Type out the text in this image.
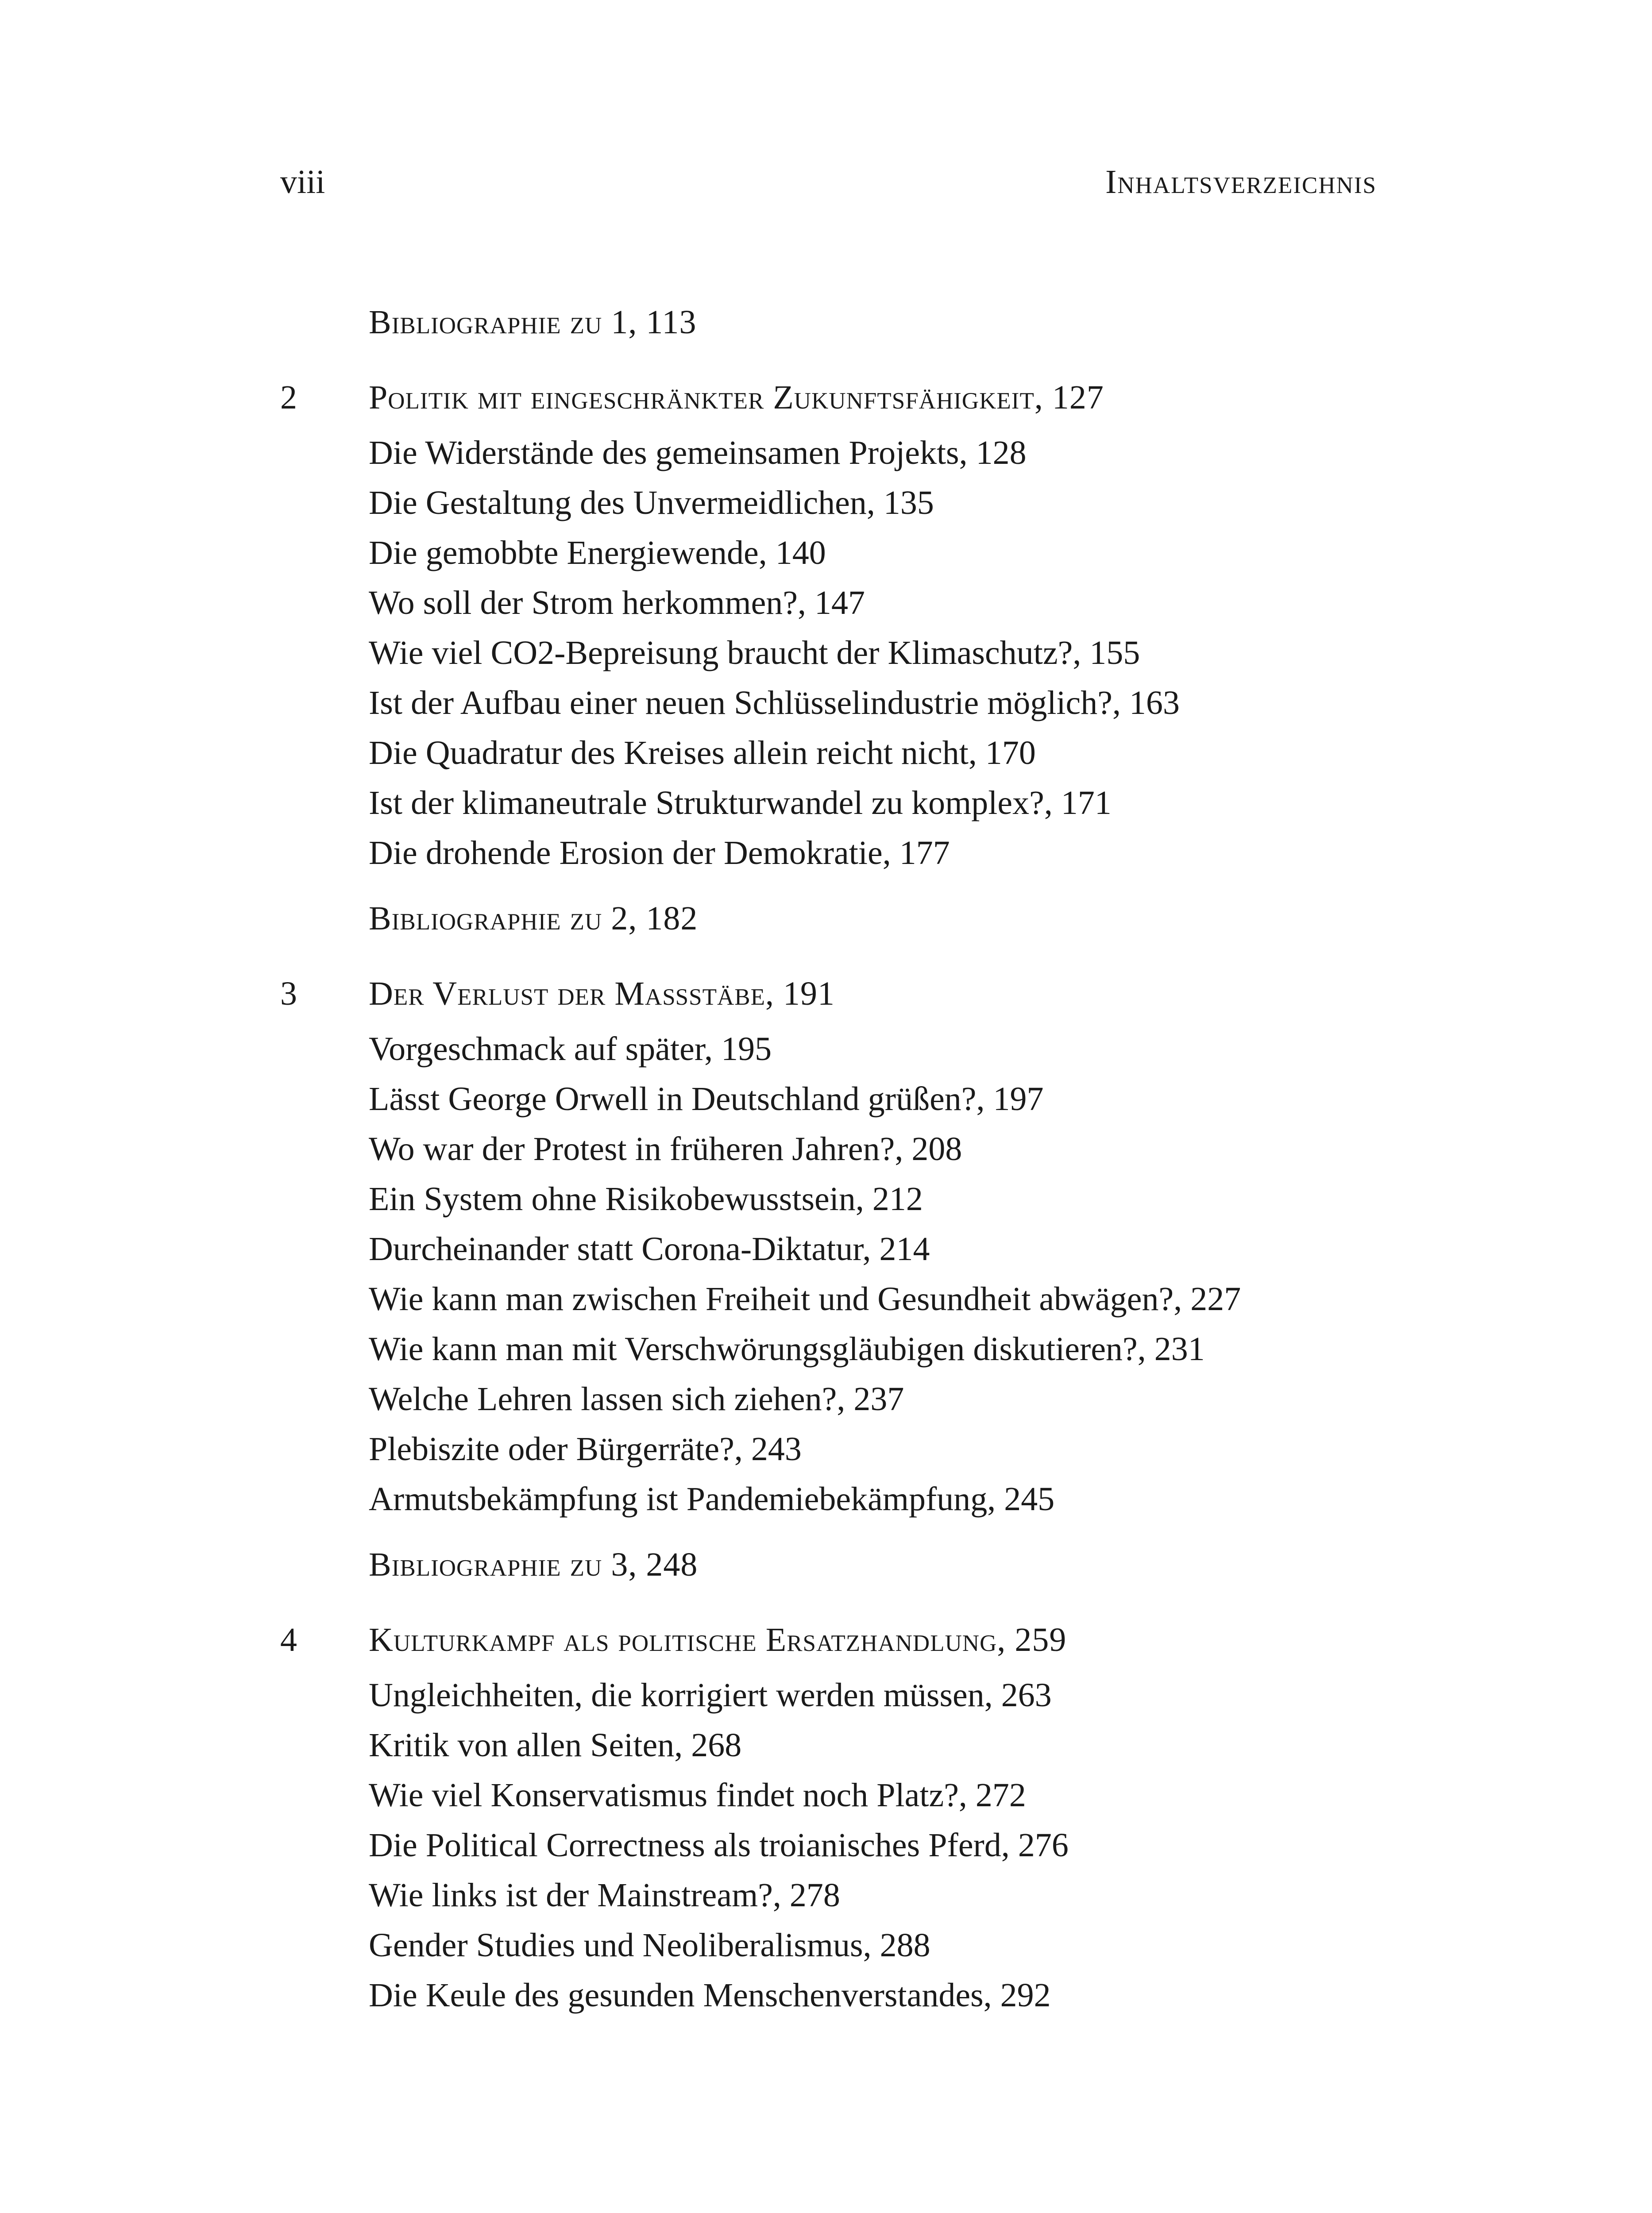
viii	Inhaltsverzeichnis
Bibliographie zu 1, 113
2 Politik mit eingeschränkter Zukunftsfähigkeit, 127
Die Widerstände des gemeinsamen Projekts, 128
Die Gestaltung des Unvermeidlichen, 135
Die gemobbte Energiewende, 140
Wo soll der Strom herkommen?, 147
Wie viel CO2-Bepreisung braucht der Klimaschutz?, 155
Ist der Aufbau einer neuen Schlüsselindustrie möglich?, 163
Die Quadratur des Kreises allein reicht nicht, 170
Ist der klimaneutrale Strukturwandel zu komplex?, 171
Die drohende Erosion der Demokratie, 177
Bibliographie zu 2, 182
3 Der Verlust der Maßstäbe, 191
Vorgeschmack auf später, 195
Lässt George Orwell in Deutschland grüßen?, 197
Wo war der Protest in früheren Jahren?, 208
Ein System ohne Risikobewusstsein, 212
Durcheinander statt Corona-Diktatur, 214
Wie kann man zwischen Freiheit und Gesundheit abwägen?, 227
Wie kann man mit Verschwörungsgläubigen diskutieren?, 231
Welche Lehren lassen sich ziehen?, 237
Plebiszite oder Bürgerräte?, 243
Armutsbekämpfung ist Pandemiebekämpfung, 245
Bibliographie zu 3, 248
4 Kulturkampf als politische Ersatzhandlung, 259
Ungleichheiten, die korrigiert werden müssen, 263
Kritik von allen Seiten, 268
Wie viel Konservatismus findet noch Platz?, 272
Die Political Correctness als troianisches Pferd, 276
Wie links ist der Mainstream?, 278
Gender Studies und Neoliberalismus, 288
Die Keule des gesunden Menschenverstandes, 292
